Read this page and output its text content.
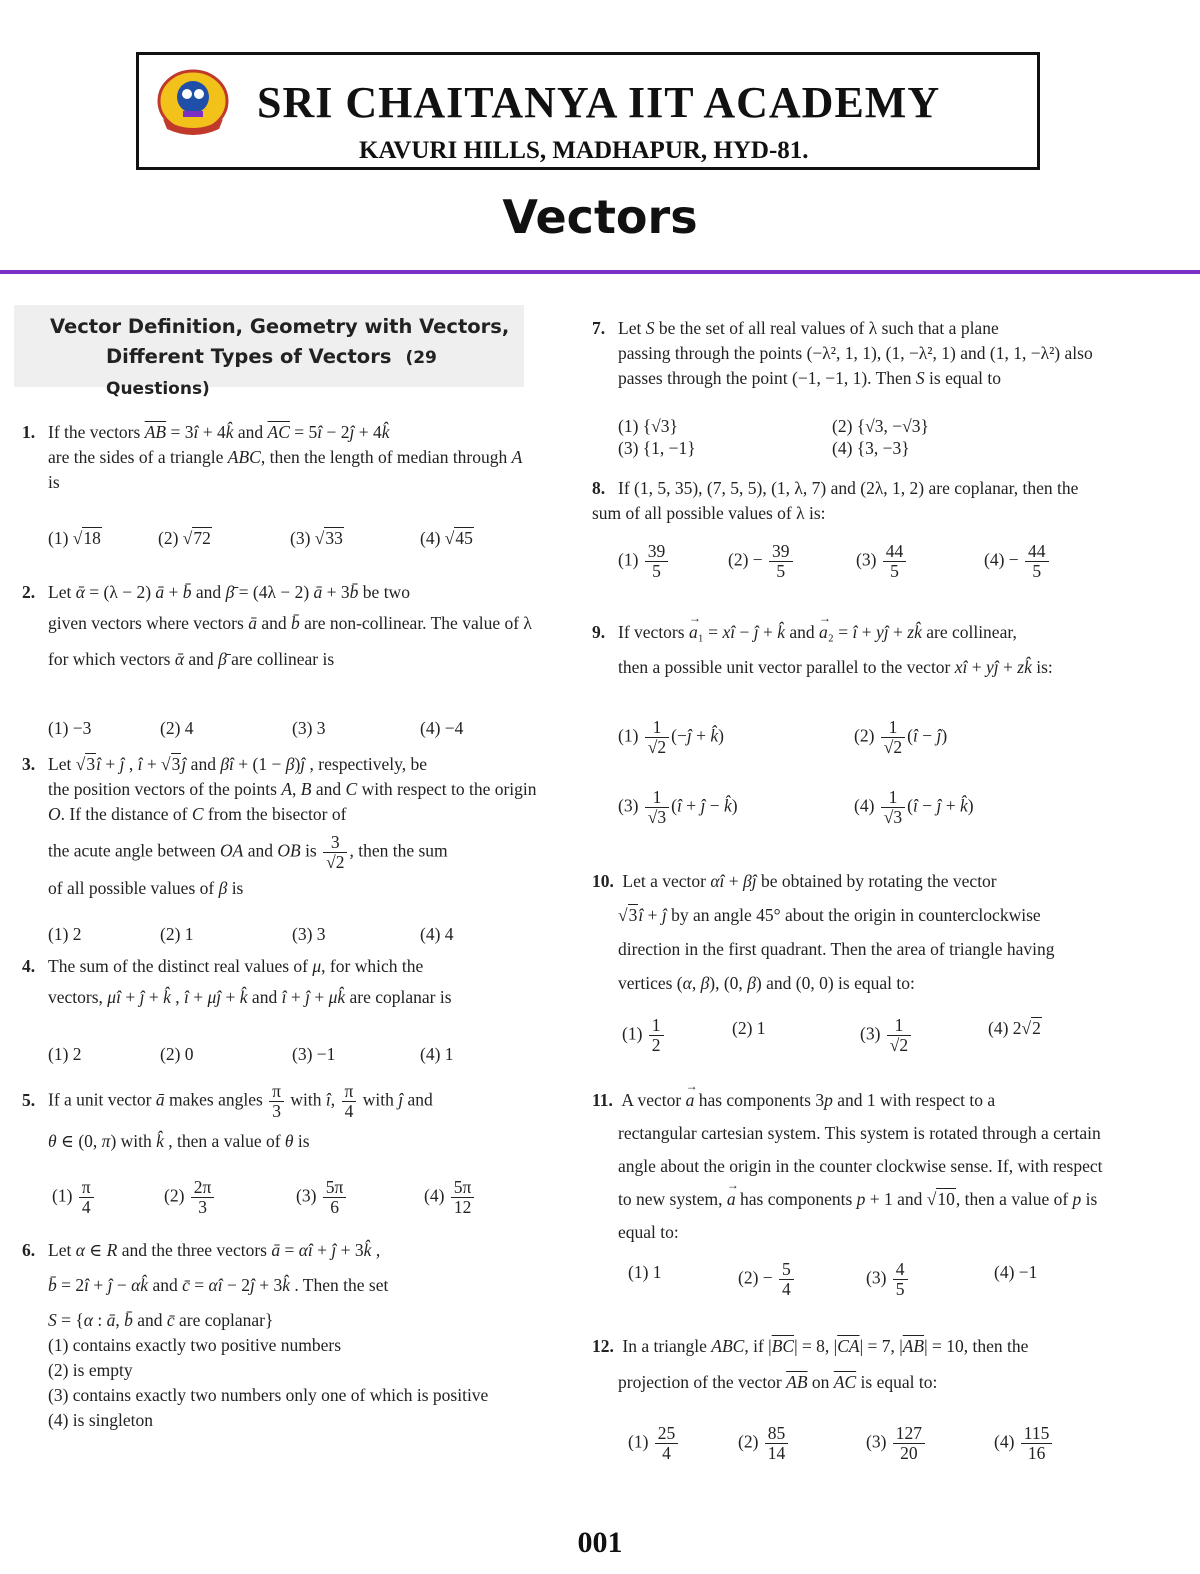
SRI CHAITANYA IIT ACADEMY
KAVURI HILLS, MADHAPUR, HYD-81.
Vectors
Vector Definition, Geometry with Vectors,
Different Types of Vectors (29 Questions)
1. If the vectors $\overline{AB}$ = 3î + 4k̂ and $\overline{AC}$ = 5î − 2ĵ + 4k̂
are the sides of a triangle ABC, then the length of median through A is
(1) √18	(2) √72	(3) √33	(4) √45
2. Let ᾱ = (λ − 2) ā + b̄ and β̄ = (4λ − 2) ā + 3b̄ be two
given vectors where vectors ā and b̄ are non-collinear. The value of λ for which vectors ᾱ and β̄ are collinear is
(1) −3	(2) 4	(3) 3	(4) −4
3. Let √3î + ĵ , î + √3ĵ and βî + (1 − β)ĵ , respectively, be
the position vectors of the points A, B and C with respect to the origin O. If the distance of C from the bisector of
the acute angle between OA and OB is $\frac{3}{√2}$ , then the sum
of all possible values of β is
(1) 2	(2) 1	(3) 3	(4) 4
4. The sum of the distinct real values of μ, for which the
vectors, μî + ĵ + k̂ , î + μĵ + k̂ and î + ĵ + μk̂ are coplanar is
(1) 2	(2) 0	(3) −1	(4) 1
5. If a unit vector ā makes angles $\frac{\pi}{3}$ with î, $\frac{\pi}{4}$ with ĵ and
θ ∈ (0, π) with k̂ , then a value of θ is
$(1) \frac{\pi}{4}$	$(2) \frac{2\pi}{3}$	$(3) \frac{5\pi}{6}$	$(4) \frac{5\pi}{12}$
6. Let α ∈ R and the three vectors ā = αî + ĵ + 3k̂ ,
b̄ = 2î + ĵ − αk̂ and c̄ = αî − 2ĵ + 3k̂ . Then the set
S = {α : ā, b̄ and c̄ are coplanar}
(1) contains exactly two positive numbers
(2) is empty
(3) contains exactly two numbers only one of which is positive
(4) is singleton
7. Let S be the set of all real values of λ such that a plane
passing through the points (−λ², 1, 1), (1, −λ², 1) and (1, 1, −λ²) also passes through the point (−1, −1, 1). Then S is equal to
(1) {√3}	(2) {√3, −√3}
(3) {1, −1}	(4) {3, −3}
8. If (1, 5, 35), (7, 5, 5), (1, λ, 7) and (2λ, 1, 2) are coplanar, then the sum of all possible values of λ is:
$(1) \frac{39}{5}$	$(2) - \frac{39}{5}$	$(3) \frac{44}{5}$	$(4) - \frac{44}{5}$
9. If vectors → a₁ = xî − ĵ + k̂ and → a₂ = î + yĵ + zk̂ are collinear,
then a possible unit vector parallel to the vector xî + yĵ + zk̂ is:
$(1) \frac{1}{√2}$ (−ĵ + k̂)	$(2) \frac{1}{√2}$ (î − ĵ)
$(3) \frac{1}{√3}$ (î + ĵ − k̂)	$(4) \frac{1}{√3}$ (î − ĵ + k̂)
10. Let a vector αî + βĵ be obtained by rotating the vector
√3î + ĵ by an angle 45° about the origin in counterclockwise direction in the first quadrant. Then the area of triangle having vertices (α, β), (0, β) and (0, 0) is equal to:
$(1) \frac{1}{2}$	(2) 1	$(3) \frac{1}{√2}$	(4) 2√2
11. A vector → a has components 3p and 1 with respect to a
rectangular cartesian system. This system is rotated through a certain angle about the origin in the counter clockwise sense. If, with respect to new system, → a has components p + 1 and √10, then a value of p is equal to:
(1) 1	$(2) - \frac{5}{4}$	$(3) \frac{4}{5}$	(4) −1
12. In a triangle ABC, if $|\overline{BC}| = 8$, $|\overline{CA}| = 7$, $|\overline{AB}| = 10$, then the
projection of the vector $\overline{AB}$ on $\overline{AC}$ is equal to:
$(1) \frac{25}{4}$	$(2) \frac{85}{14}$	$(3) \frac{127}{20}$	$(4) \frac{115}{16}$
001
